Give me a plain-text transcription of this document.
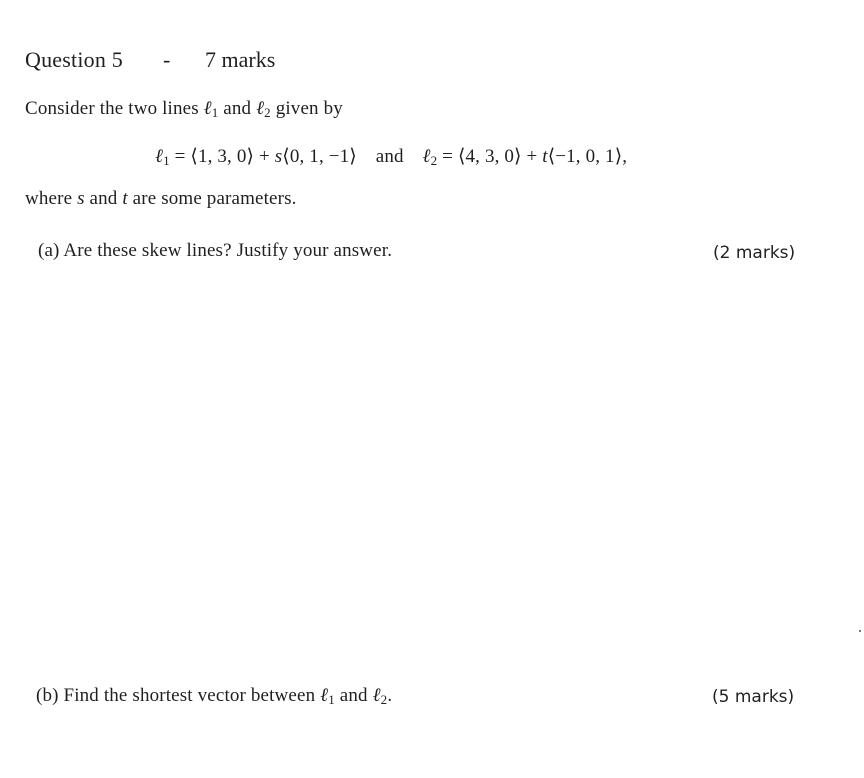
Question 5 - 7 marks
Consider the two lines ℓ$_1$ and ℓ$_2$ given by
ℓ$_1$ = ⟨1, 3, 0⟩ + s⟨0, 1, −1⟩ and ℓ$_2$ = ⟨4, 3, 0⟩ + t⟨−1, 0, 1⟩,
where s and t are some parameters.
(a) Are these skew lines? Justify your answer.	(2 marks)
(b) Find the shortest vector between ℓ$_1$ and ℓ$_2$.	(5 marks)
